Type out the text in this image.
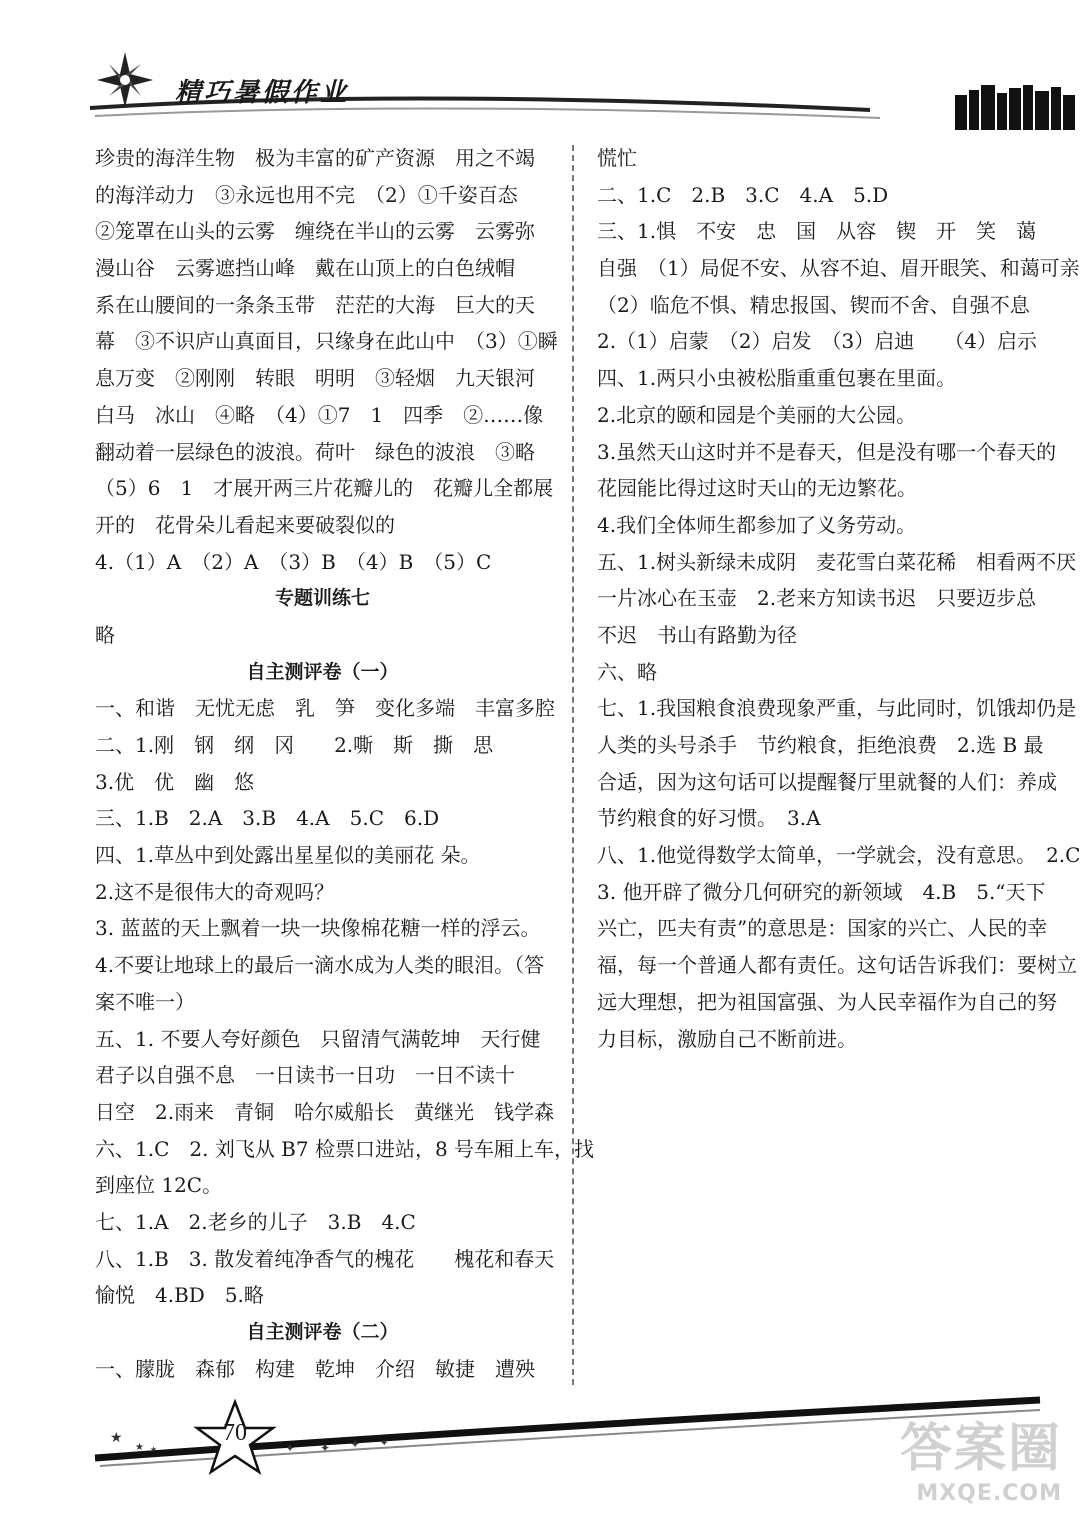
精巧暑假作业
珍贵的海洋生物　极为丰富的矿产资源　用之不竭
的海洋动力　③永远也用不完　（2）①千姿百态
②笼罩在山头的云雾　缠绕在半山的云雾　云雾弥
漫山谷　云雾遮挡山峰　戴在山顶上的白色绒帽
系在山腰间的一条条玉带　茫茫的大海　巨大的天
幕　③不识庐山真面目，只缘身在此山中　（3）①瞬
息万变　②刚刚　转眼　明明　③轻烟　九天银河
白马　冰山　④略　（4）①7　1　四季　②……像
翻动着一层绿色的波浪。荷叶　绿色的波浪　③略
（5）6　1　才展开两三片花瓣儿的　花瓣儿全都展
开的　花骨朵儿看起来要破裂似的
4.（1）A　（2）A　（3）B　（4）B　（5）C
专题训练七
略
自主测评卷（一）
一、和谐　无忧无虑　乳　笋　变化多端　丰富多腔
二、1.刚　钢　纲　冈　　2.嘶　斯　撕　思
3.优　优　幽　悠
三、1.B　2.A　3.B　4.A　5.C　6.D
四、1.草丛中到处露出星星似的美丽花 朵。
2.这不是很伟大的奇观吗？
3. 蓝蓝的天上飘着一块一块像棉花糖一样的浮云。
4.不要让地球上的最后一滴水成为人类的眼泪。（答
案不唯一）
五、1. 不要人夸好颜色　只留清气满乾坤　天行健
君子以自强不息　一日读书一日功　一日不读十
日空　2.雨来　青铜　哈尔威船长　黄继光　钱学森
六、1.C　2. 刘飞从 B7 检票口进站，8 号车厢上车，找
到座位 12C。
七、1.A　2.老乡的儿子　3.B　4.C
八、1.B　3. 散发着纯净香气的槐花　　槐花和春天
愉悦　4.BD　5.略
自主测评卷（二）
一、朦胧　森郁　构建　乾坤　介绍　敏捷　遭殃
慌忙
二、1.C　2.B　3.C　4.A　5.D
三、1.惧　不安　忠　国　从容　锲　开　笑　蔼
自强　（1）局促不安、从容不迫、眉开眼笑、和蔼可亲
（2）临危不惧、精忠报国、锲而不舍、自强不息
2.（1）启蒙　（2）启发　（3）启迪　　（4）启示
四、1.两只小虫被松脂重重包裹在里面。
2.北京的颐和园是个美丽的大公园。
3.虽然天山这时并不是春天，但是没有哪一个春天的
花园能比得过这时天山的无边繁花。
4.我们全体师生都参加了义务劳动。
五、1.树头新绿未成阴　麦花雪白菜花稀　相看两不厌
一片冰心在玉壶　2.老来方知读书迟　只要迈步总
不迟　书山有路勤为径
六、略
七、1.我国粮食浪费现象严重，与此同时，饥饿却仍是
人类的头号杀手　节约粮食，拒绝浪费　2.选 B 最
合适，因为这句话可以提醒餐厅里就餐的人们：养成
节约粮食的好习惯。　3.A
八、1.他觉得数学太简单，一学就会，没有意思。　2.C
3. 他开辟了微分几何研究的新领域　4.B　5.“天下
兴亡，匹夫有责”的意思是：国家的兴亡、人民的幸
福，每一个普通人都有责任。这句话告诉我们：要树立
远大理想，把为祖国富强、为人民幸福作为自己的努
力目标，激励自己不断前进。
★
★ ★	✦ ✦ ✦ ✦
70	答案圈
MXQE.COM
